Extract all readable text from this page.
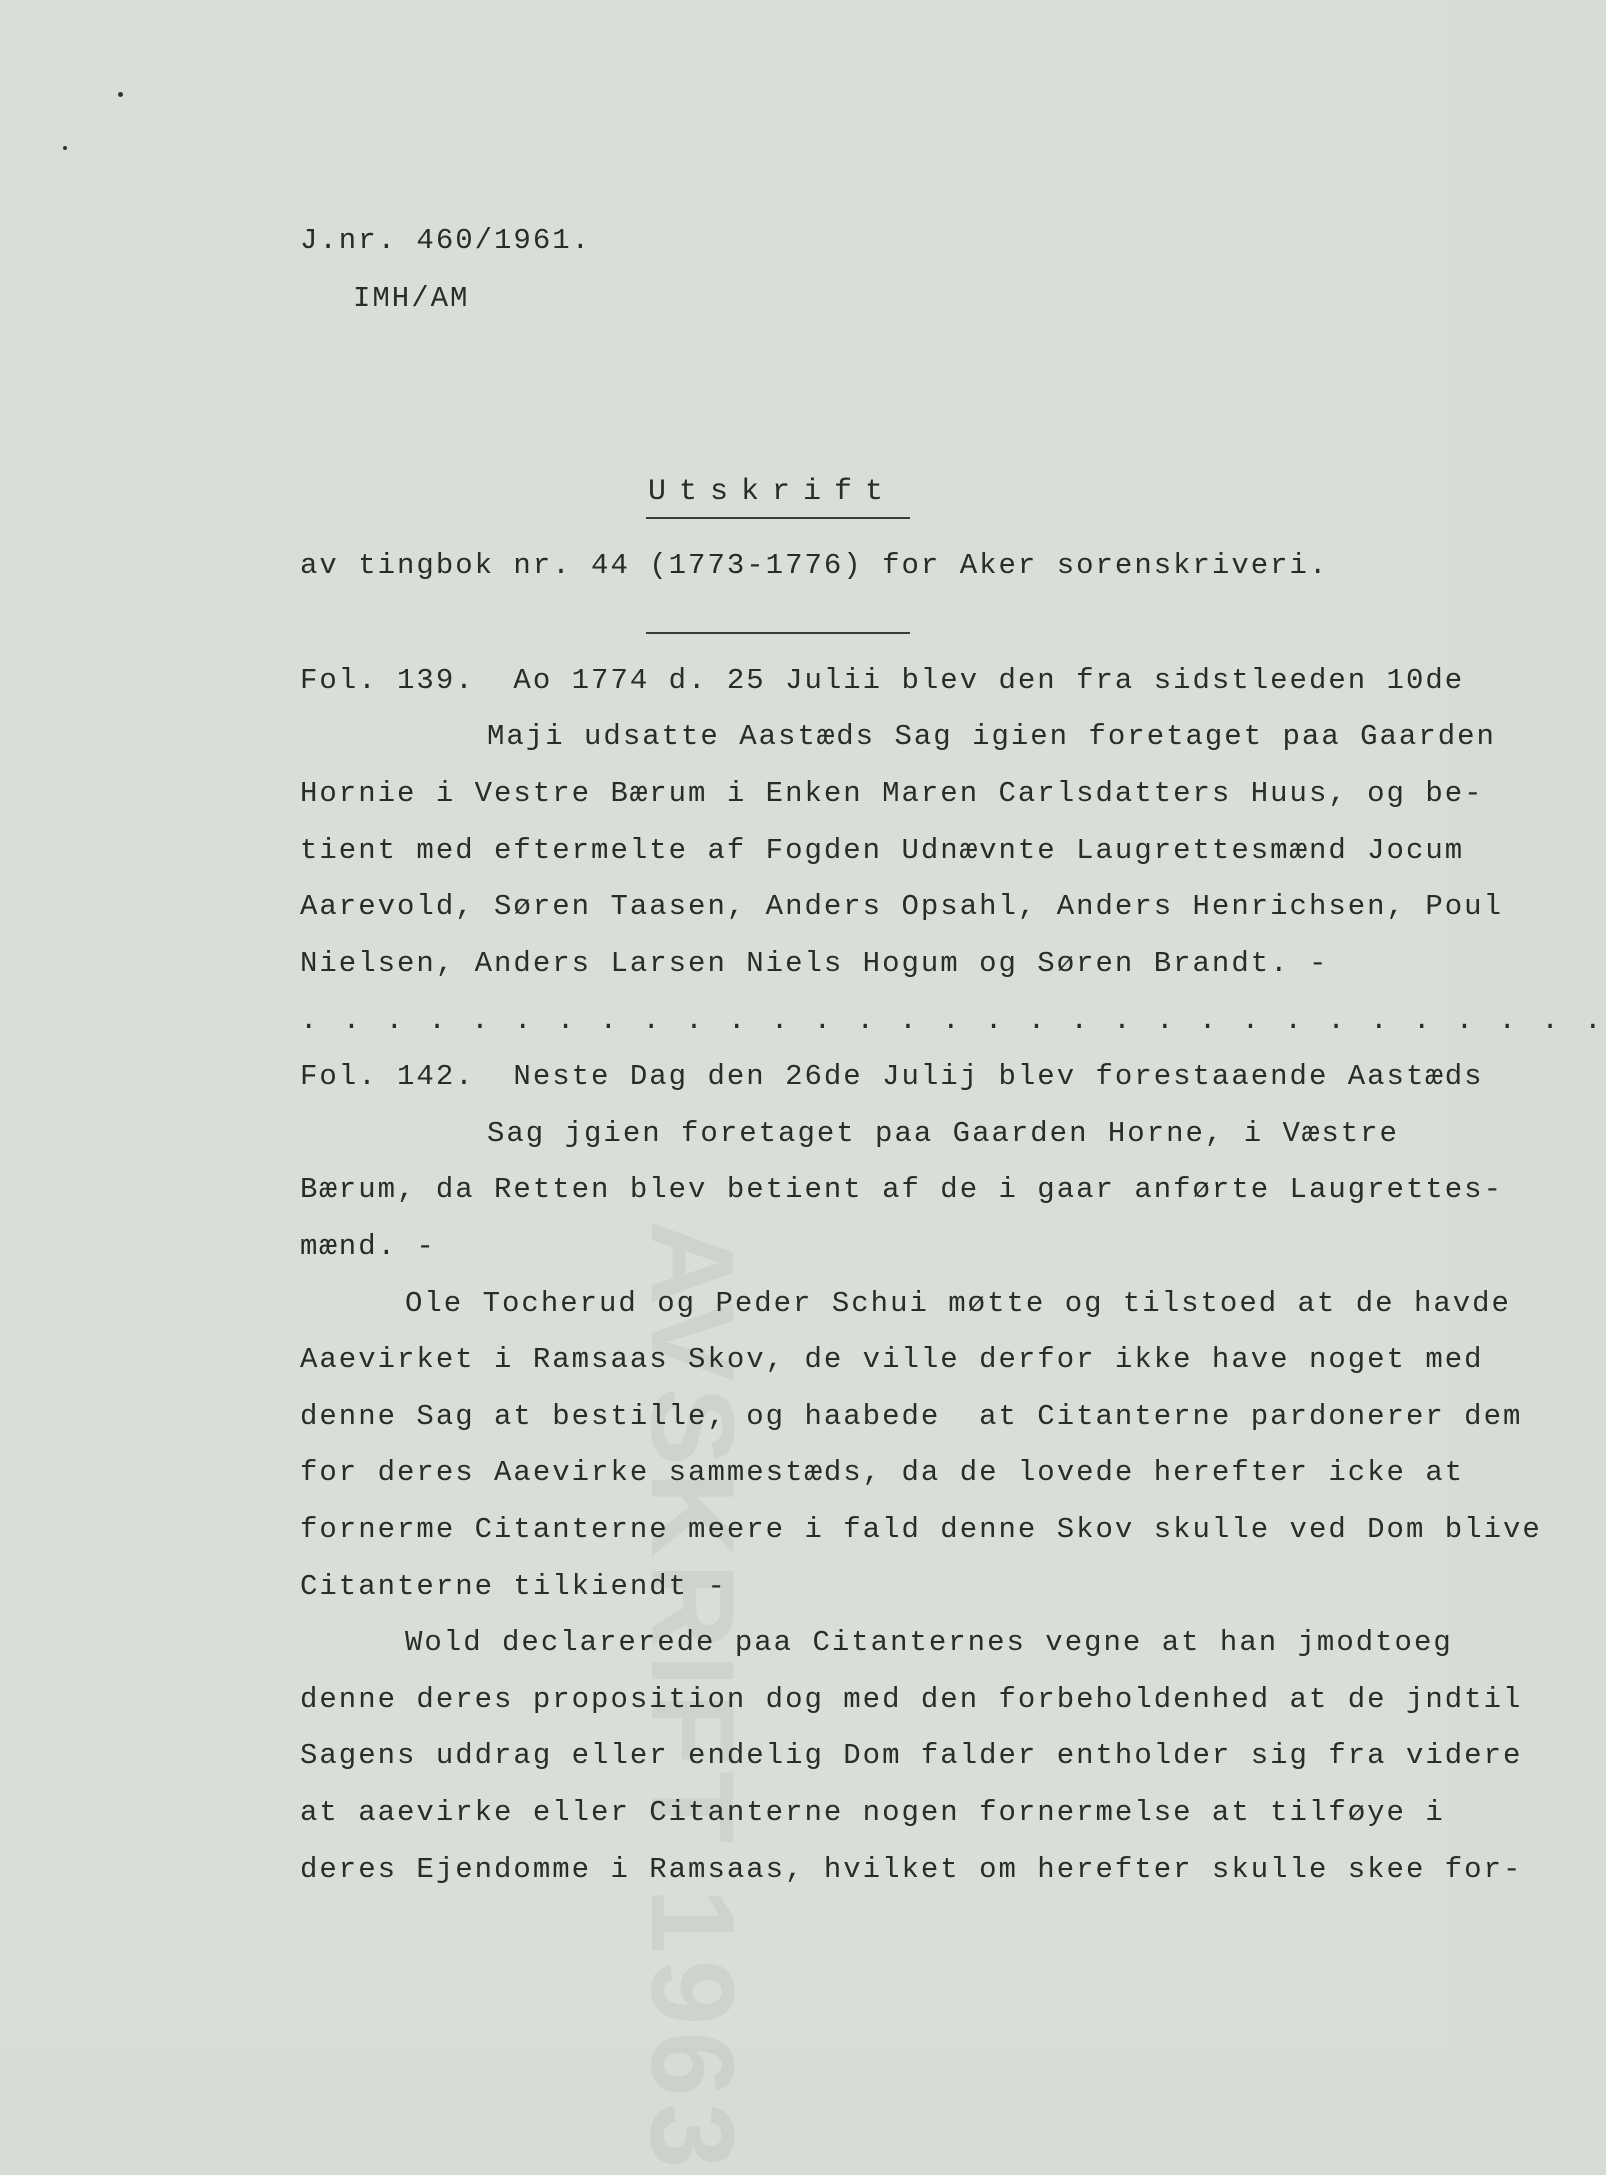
AVSKRIFT 1963
J.nr. 460/1961.
IMH/AM
Utskrift
av tingbok nr. 44 (1773-1776) for Aker sorenskriveri.
Fol. 139.  Ao 1774 d. 25 Julii blev den fra sidstleeden 10de
Maji udsatte Aastæds Sag igien foretaget paa Gaarden
Hornie i Vestre Bærum i Enken Maren Carlsdatters Huus, og be-
tient med eftermelte af Fogden Udnævnte Laugrettesmænd Jocum
Aarevold, Søren Taasen, Anders Opsahl, Anders Henrichsen, Poul
Nielsen, Anders Larsen Niels Hogum og Søren Brandt. -
. . . . . . . . . . . . . . . . . . . . . . . . . . . . . . .
Fol. 142.  Neste Dag den 26de Julij blev forestaaende Aastæds
Sag jgien foretaget paa Gaarden Horne, i Væstre
Bærum, da Retten blev betient af de i gaar anførte Laugrettes-
mænd. -
Ole Tocherud og Peder Schui møtte og tilstoed at de havde
Aaevirket i Ramsaas Skov, de ville derfor ikke have noget med
denne Sag at bestille, og haabede  at Citanterne pardonerer dem
for deres Aaevirke sammestæds, da de lovede herefter icke at
fornerme Citanterne meere i fald denne Skov skulle ved Dom blive
Citanterne tilkiendt -
Wold declarerede paa Citanternes vegne at han jmodtoeg
denne deres proposition dog med den forbeholdenhed at de jndtil
Sagens uddrag eller endelig Dom falder entholder sig fra videre
at aaevirke eller Citanterne nogen fornermelse at tilføye i
deres Ejendomme i Ramsaas, hvilket om herefter skulle skee for-
